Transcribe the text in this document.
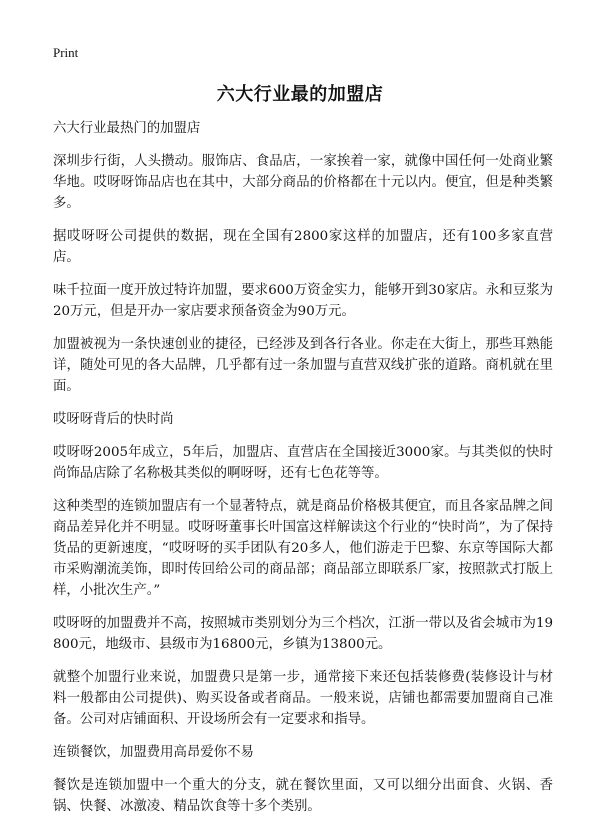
Print
六大行业最的加盟店

六大行业最热门的加盟店

深圳步行街，人头攒动。服饰店、食品店，一家挨着一家，就像中国任何一处商业繁华地。哎呀呀饰品店也在其中，大部分商品的价格都在十元以内。便宜，但是种类繁多。

据哎呀呀公司提供的数据，现在全国有2800家这样的加盟店，还有100多家直营店。

味千拉面一度开放过特许加盟，要求600万资金实力，能够开到30家店。永和豆浆为20万元，但是开办一家店要求预备资金为90万元。

加盟被视为一条快速创业的捷径，已经涉及到各行各业。你走在大街上，那些耳熟能详，随处可见的各大品牌，几乎都有过一条加盟与直营双线扩张的道路。商机就在里面。

哎呀呀背后的快时尚

哎呀呀2005年成立，5年后，加盟店、直营店在全国接近3000家。与其类似的快时尚饰品店除了名称极其类似的啊呀呀，还有七色花等等。

这种类型的连锁加盟店有一个显著特点，就是商品价格极其便宜，而且各家品牌之间商品差异化并不明显。哎呀呀董事长叶国富这样解读这个行业的“快时尚”，为了保持货品的更新速度，“哎呀呀的买手团队有20多人，他们游走于巴黎、东京等国际大都市采购潮流美饰，即时传回给公司的商品部；商品部立即联系厂家，按照款式打版上样，小批次生产。”

哎呀呀的加盟费并不高，按照城市类别划分为三个档次，江浙一带以及省会城市为19800元，地级市、县级市为16800元，乡镇为13800元。

就整个加盟行业来说，加盟费只是第一步，通常接下来还包括装修费(装修设计与材料一般都由公司提供)、购买设备或者商品。一般来说，店铺也都需要加盟商自己准备。公司对店铺面积、开设场所会有一定要求和指导。

连锁餐饮，加盟费用高昂爱你不易

餐饮是连锁加盟中一个重大的分支，就在餐饮里面，又可以细分出面食、火锅、香锅、快餐、冰激凌、精品饮食等十多个类别。
